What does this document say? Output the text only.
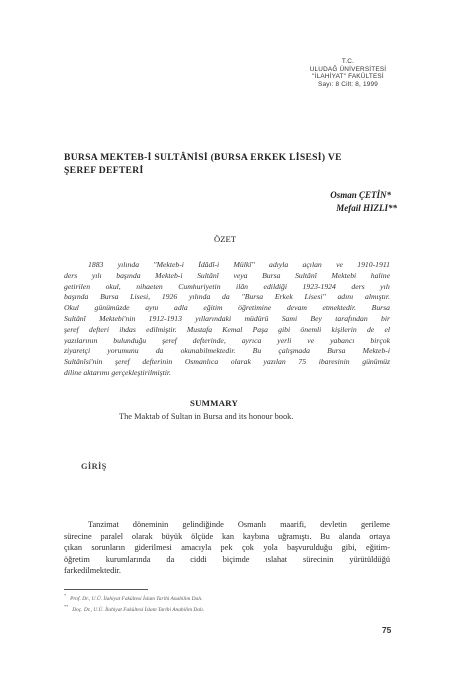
T.C.
ULUDAĞ ÜNİVERSİTESİ
"İLAHİYAT" FAKÜLTESİ
Sayı: 8 Cilt: 8, 1999
BURSA MEKTEB-İ SULTÂNİSİ (BURSA ERKEK LİSESİ) VE
ŞEREF DEFTERİ
Osman ÇETİN*
Mefail HIZLI**
ÖZET
1883 yılında "Mekteb-i İdâdî-i Mülkî" adıyla açılan ve 1910-1911
ders yılı başında Mekteb-i Sultânî veya Bursa Sultânî Mektebi haline
getirilen okul, nihaeten Cumhuriyetin ilân edildiği 1923-1924 ders yılı
başında Bursa Lisesi, 1926 yılında da "Bursa Erkek Lisesi" adını almıştır.
Okul günümüzde aynı adla eğitim öğretimine devam etmektedir. Bursa
Sultânî Mektebi'nin 1912-1913 yıllarındaki müdürü Sami Bey tarafından bir
şeref defteri ihdas edilmiştir. Mustafa Kemal Paşa gibi önemli kişilerin de el
yazılarının bulunduğu şeref defterinde, ayrıca yerli ve yabancı birçok
ziyaretçi yorumunu da okunabilmektedir. Bu çalışmada Bursa Mekteb-i
Sultânîsi'nin şeref defterinin Osmanlıca olarak yazılan 75 ibaresinin günümüz
diline aktarımı gerçekleştirilmiştir.
SUMMARY
The Maktab of Sultan in Bursa and its honour book.
GİRİŞ
Tanzimat döneminin gelindiğinde Osmanlı maarifi, devletin gerileme
sürecine paralel olarak büyük ölçüde kan kaybına uğramıştı. Bu alanda ortaya
çıkan sorunların giderilmesi amacıyla pek çok yola başvurulduğu gibi, eğitim-
öğretim kurumlarında da ciddi biçimde ıslahat sürecinin yürütüldüğü
farkedilmektedir.
*Prof. Dr., U.Ü. İlahiyat Fakültesi İslam Tarihi Anabilim Dalı.
**Doç. Dr., U.Ü. İlahiyat Fakültesi İslam Tarihi Anabilim Dalı.
75
